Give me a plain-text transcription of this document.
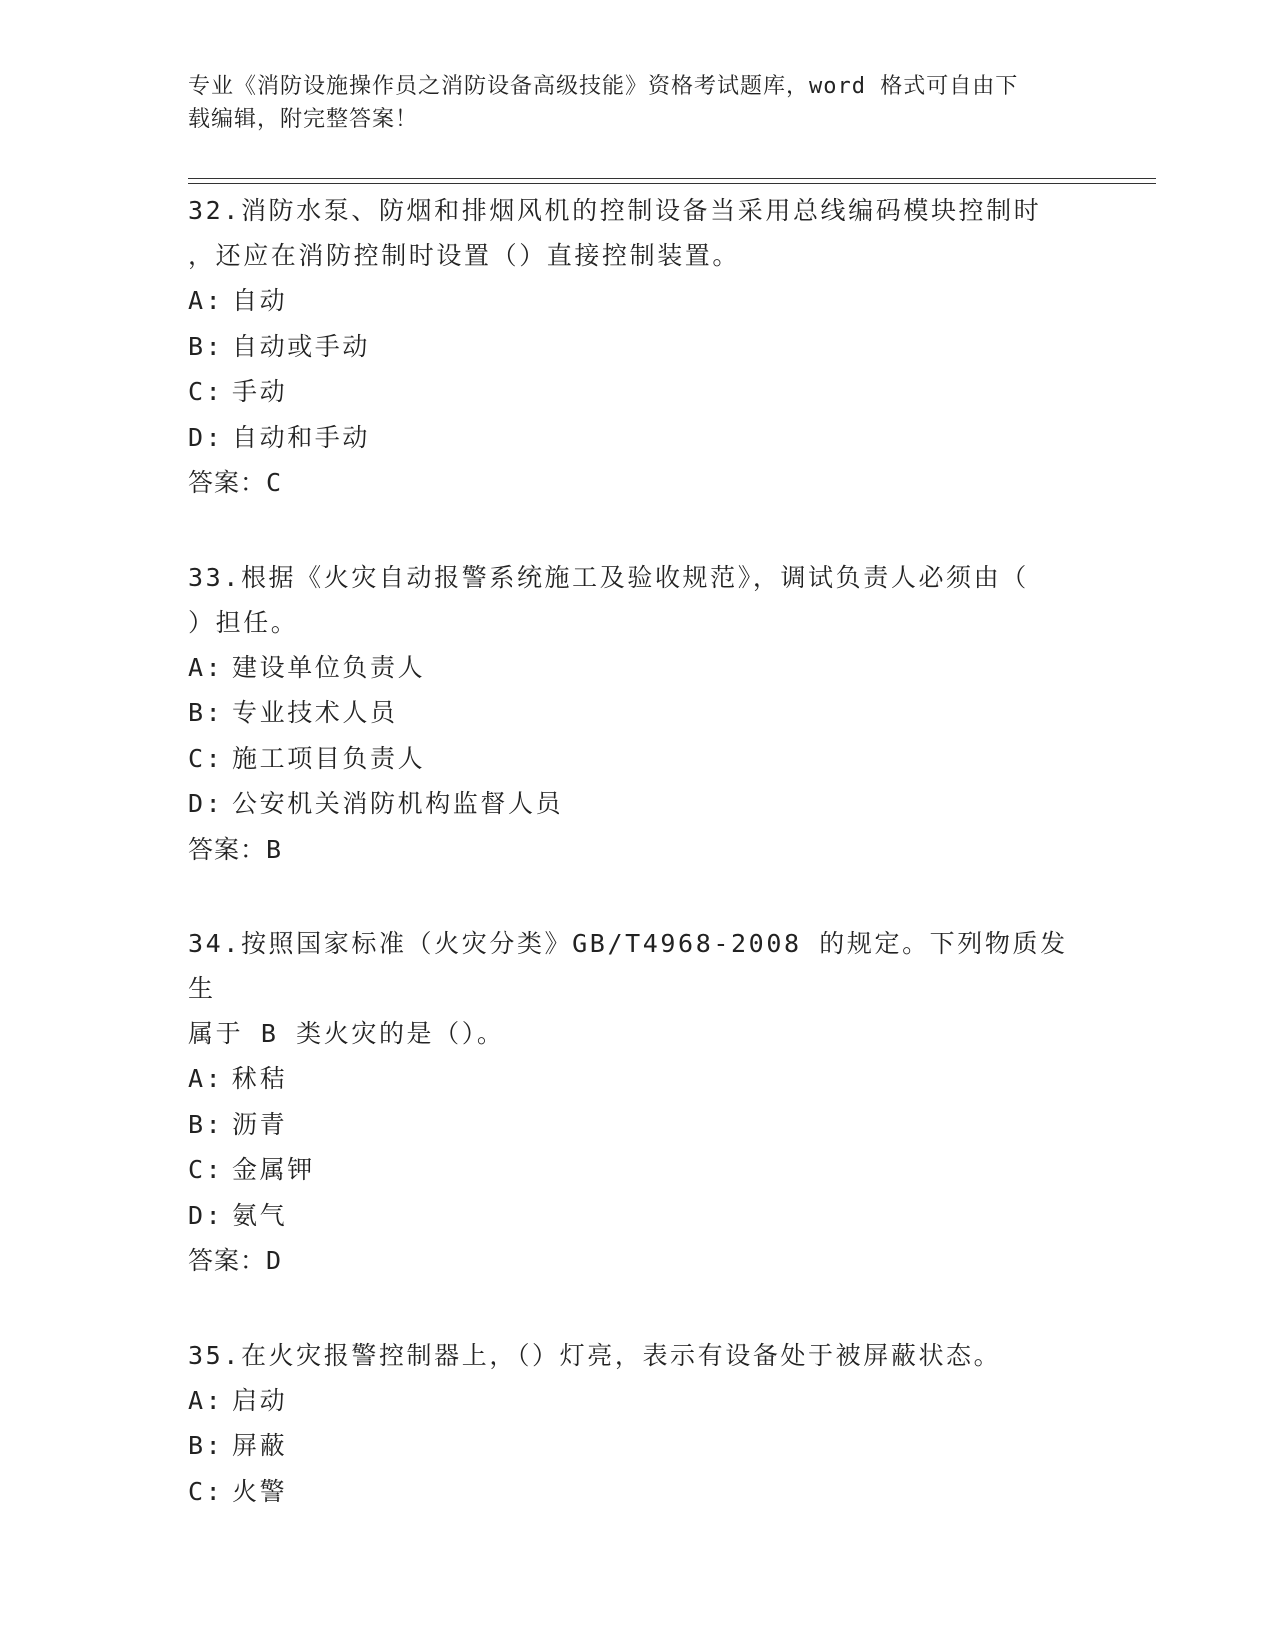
专业《消防设施操作员之消防设备高级技能》资格考试题库，word 格式可自由下
载编辑，附完整答案！
32.消防水泵、防烟和排烟风机的控制设备当采用总线编码模块控制时
，还应在消防控制时设置（）直接控制装置。
A: 自动
B: 自动或手动
C: 手动
D: 自动和手动
答案：C
33.根据《火灾自动报警系统施工及验收规范》，调试负责人必须由（
）担任。
A: 建设单位负责人
B: 专业技术人员
C: 施工项目负责人
D: 公安机关消防机构监督人员
答案：B
34.按照国家标准（火灾分类》GB/T4968-2008 的规定。下列物质发生
属于 B 类火灾的是（）。
A: 秫秸
B: 沥青
C: 金属钾
D: 氨气
答案：D
35.在火灾报警控制器上，（）灯亮，表示有设备处于被屏蔽状态。
A: 启动
B: 屏蔽
C: 火警
